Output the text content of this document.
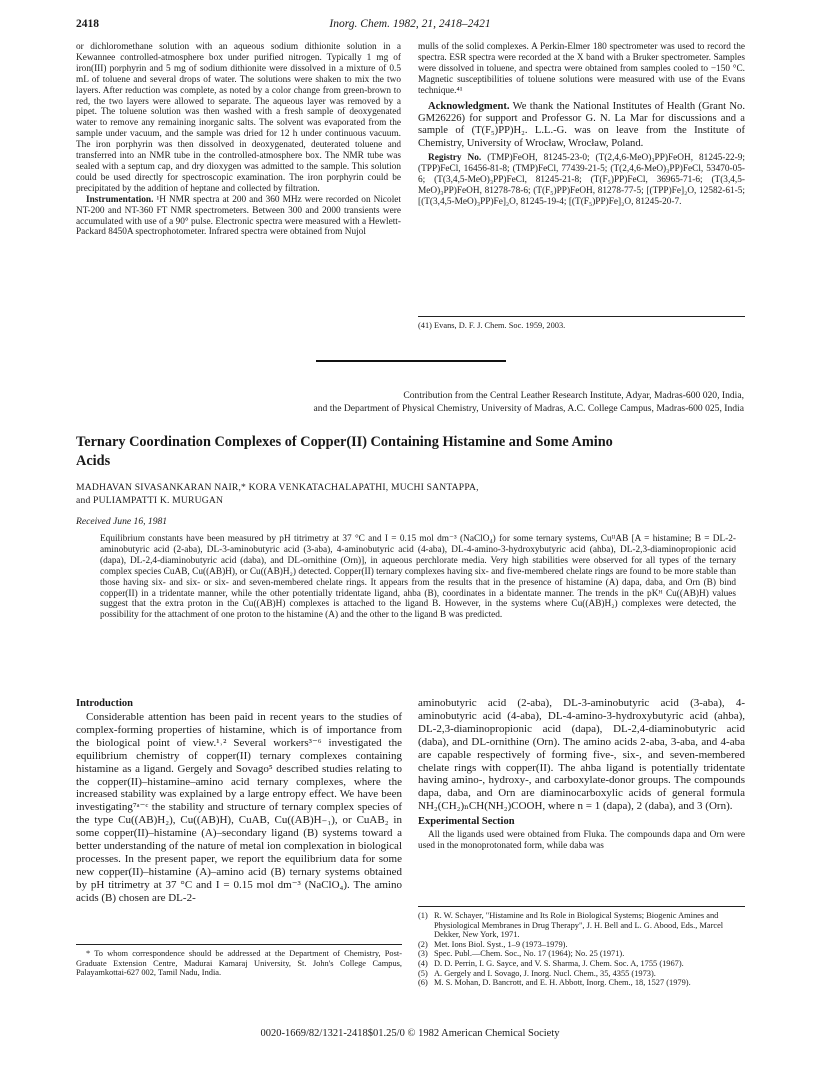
2418	Inorg. Chem. 1982, 21, 2418–2421

or dichloromethane solution with an aqueous sodium dithionite solution in a Kewannee controlled-atmosphere box under purified nitrogen. Typically 1 mg of iron(III) porphyrin and 5 mg of sodium dithionite were dissolved in a mixture of 0.5 mL of toluene and several drops of water. The solutions were shaken to mix the two layers. After reduction was complete, as noted by a color change from green-brown to red, the two layers were allowed to separate. The aqueous layer was removed by a pipet. The toluene solution was then washed with a fresh sample of deoxygenated water to remove any remaining inorganic salts. The solvent was evaporated from the sample under vacuum, and the sample was dried for 12 h under continuous vacuum. The iron porphyrin was then dissolved in deoxygenated, deuterated toluene and transferred into an NMR tube in the controlled-atmosphere box. The NMR tube was sealed with a septum cap, and dry dioxygen was admitted to the sample. This solution could be used directly for spectroscopic examination. The iron porphyrin could be precipitated by the addition of heptane and collected by filtration.

Instrumentation. ¹H NMR spectra at 200 and 360 MHz were recorded on Nicolet NT-200 and NT-360 FT NMR spectrometers. Between 300 and 2000 transients were accumulated with use of a 90° pulse. Electronic spectra were measured with a Hewlett-Packard 8450A spectrophotometer. Infrared spectra were obtained from Nujol

mulls of the solid complexes. A Perkin-Elmer 180 spectrometer was used to record the spectra. ESR spectra were recorded at the X band with a Bruker spectrometer. Samples were dissolved in toluene, and spectra were obtained from samples cooled to −150 °C. Magnetic susceptibilities of toluene solutions were measured with use of the Evans technique.⁴¹

Acknowledgment. We thank the National Institutes of Health (Grant No. GM26226) for support and Professor G. N. La Mar for discussions and a sample of (T(F₅)PP)H₂. L.L.-G. was on leave from the Institute of Chemistry, University of Wrocław, Wrocław, Poland.

Registry No. (TMP)FeOH, 81245-23-0; (T(2,4,6-MeO)₃PP)FeOH, 81245-22-9; (TPP)FeCl, 16456-81-8; (TMP)FeCl, 77439-21-5; (T(2,4,6-MeO)₃PP)FeCl, 53470-05-6; (T(3,4,5-MeO)₃PP)FeCl, 81245-21-8; (T(F₅)PP)FeCl, 36965-71-6; (T(3,4,5-MeO)₃PP)FeOH, 81278-78-6; (T(F₅)PP)FeOH, 81278-77-5; [(TPP)Fe]₂O, 12582-61-5; [(T(3,4,5-MeO)₃PP)Fe]₂O, 81245-19-4; [(T(F₅)PP)Fe]₂O, 81245-20-7.

(41) Evans, D. F. J. Chem. Soc. 1959, 2003.
Contribution from the Central Leather Research Institute, Adyar, Madras-600 020, India,
and the Department of Physical Chemistry, University of Madras, A.C. College Campus, Madras-600 025, India
Ternary Coordination Complexes of Copper(II) Containing Histamine and Some Amino
Acids
MADHAVAN SIVASANKARAN NAIR,* KORA VENKATACHALAPATHI, MUCHI SANTAPPA,
and PULIAMPATTI K. MURUGAN
Received June 16, 1981
Equilibrium constants have been measured by pH titrimetry at 37 °C and I = 0.15 mol dm⁻³ (NaClO₄) for some ternary systems, CuᴵᴵAB [A = histamine; B = DL-2-aminobutyric acid (2-aba), DL-3-aminobutyric acid (3-aba), 4-aminobutyric acid (4-aba), DL-4-amino-3-hydroxybutyric acid (ahba), DL-2,3-diaminopropionic acid (dapa), DL-2,4-diaminobutyric acid (daba), and DL-ornithine (Orn)], in aqueous perchlorate media. Very high stabilities were observed for all types of the ternary complex species CuAB, Cu((AB)H), or Cu((AB)H₂) detected. Copper(II) ternary complexes having six- and five-membered chelate rings are found to be more stable than those having six- and six- or six- and seven-membered chelate rings. It appears from the results that in the presence of histamine (A) dapa, daba, and Orn (B) bind copper(II) in a tridentate manner, while the other potentially tridentate ligand, ahba (B), coordinates in a bidentate manner. The trends in the pKᴴ Cu((AB)H) values suggest that the extra proton in the Cu((AB)H) complexes is attached to the ligand B. However, in the systems where Cu((AB)H₂) complexes were detected, the possibility for the attachment of one proton to the histamine (A) and the other to the ligand B was predicted.
Introduction

Considerable attention has been paid in recent years to the studies of complex-forming properties of histamine, which is of importance from the biological point of view.¹˒² Several workers³⁻⁶ investigated the equilibrium chemistry of copper(II) ternary complexes containing histamine as a ligand. Gergely and Sovago⁵ described studies relating to the copper(II)–histamine–amino acid ternary complexes, where the increased stability was explained by a large entropy effect. We have been investigating⁷ᵃ⁻ᶜ the stability and structure of ternary complex species of the type Cu((AB)H₂), Cu((AB)H), CuAB, Cu((AB)H₋₁), or CuAB₂ in some copper(II)–histamine (A)–secondary ligand (B) systems toward a better understanding of the nature of metal ion complexation in biological processes. In the present paper, we report the equilibrium data for some new copper(II)–histamine (A)–amino acid (B) ternary systems obtained by pH titrimetry at 37 °C and I = 0.15 mol dm⁻³ (NaClO₄). The amino acids (B) chosen are DL-2-

aminobutyric acid (2-aba), DL-3-aminobutyric acid (3-aba), 4-aminobutyric acid (4-aba), DL-4-amino-3-hydroxybutyric acid (ahba), DL-2,3-diaminopropionic acid (dapa), DL-2,4-diaminobutyric acid (daba), and DL-ornithine (Orn). The amino acids 2-aba, 3-aba, and 4-aba are capable respectively of forming five-, six-, and seven-membered chelate rings with copper(II). The ahba ligand is potentially tridentate having amino-, hydroxy-, and carboxylate-donor groups. The compounds dapa, daba, and Orn are diaminocarboxylic acids of general formula NH₂(CH₂)ₙCH(NH₂)COOH, where n = 1 (dapa), 2 (daba), and 3 (Orn).

Experimental Section

All the ligands used were obtained from Fluka. The compounds dapa and Orn were used in the monoprotonated form, while daba was

* To whom correspondence should be addressed at the Department of Chemistry, Post-Graduate Extension Centre, Madurai Kamaraj University, St. John's College Campus, Palayamkottai-627 002, Tamil Nadu, India.
(1) R. W. Schayer, "Histamine and Its Role in Biological Systems; Biogenic Amines and Physiological Membranes in Drug Therapy", J. H. Bell and L. G. Abood, Eds., Marcel Dekker, New York, 1971.
(2) Met. Ions Biol. Syst., 1–9 (1973–1979).
(3) Spec. Publ.—Chem. Soc., No. 17 (1964); No. 25 (1971).
(4) D. D. Perrin, I. G. Sayce, and V. S. Sharma, J. Chem. Soc. A, 1755 (1967).
(5) A. Gergely and I. Sovago, J. Inorg. Nucl. Chem., 35, 4355 (1973).
(6) M. S. Mohan, D. Bancrott, and E. H. Abbott, Inorg. Chem., 18, 1527 (1979).
0020-1669/82/1321-2418$01.25/0 © 1982 American Chemical Society
